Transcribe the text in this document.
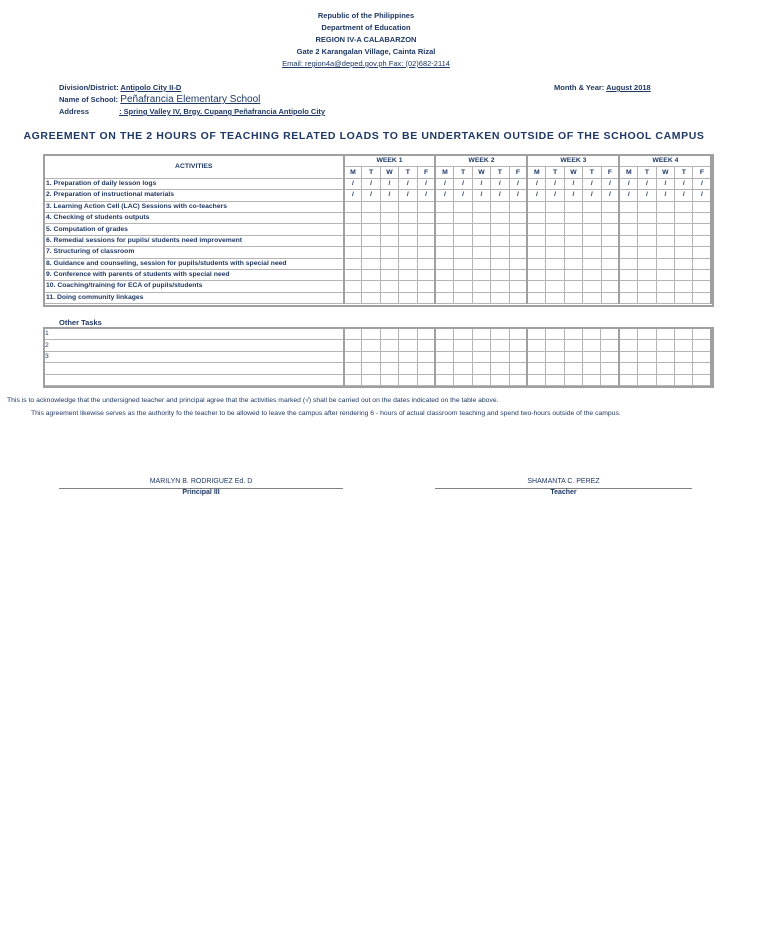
Republic of the Philippines
Department of Education
REGION IV-A CALABARZON
Gate 2 Karangalan Village, Cainta Rizal
Email: region4a@deped.gov.ph Fax: (02)682-2114
Division/District: Antipolo City II-D
Name of School: Peñafrancia Elementary School
Address	: Spring Valley IV, Brgy. Cupang Peñafrancia Antipolo City
Month & Year: August 2018
AGREEMENT ON THE 2 HOURS OF TEACHING RELATED LOADS TO BE UNDERTAKEN OUTSIDE OF THE SCHOOL CAMPUS
ACTIVITIES	WEEK 1					WEEK 2					WEEK 3					WEEK 4				
	M	T	W	T	F	M	T	W	T	F	M	T	W	T	F	M	T	W	T	F
1. Preparation of daily lesson logs	/	/	/	/	/	/	/	/	/	/	/	/	/	/	/	/	/	/	/	/
2. Preparation of instructional materials	/	/	/	/	/	/	/	/	/	/	/	/	/	/	/	/	/	/	/	/
3. Learning Action Cell (LAC) Sessions with co-teachers																				
4. Checking of students outputs																				
5. Computation of grades																				
6. Remedial sessions for pupils/ students need improvement																				
7. Structuring of classroom																				
8. Guidance and counseling, session for pupils/students with special need																				
9. Conference with parents of students with special need																				
10. Coaching/training for ECA of pupils/students																				
11. Doing community linkages																				
Other Tasks
1																				
2																				
3																				

This is to acknowledge that the undersigned teacher and principal agree that the activities marked (√) shall be carried out on the dates indicated on the table above.
This agreement likewise serves as the authority fo the teacher to be allowed to leave the campus after rendering 6 - hours of actual classroom teaching and spend two-hours outside of the campus.
MARILYN B. RODRIGUEZ Ed. D
Principal III
SHAMANTA C. PEREZ
Teacher
